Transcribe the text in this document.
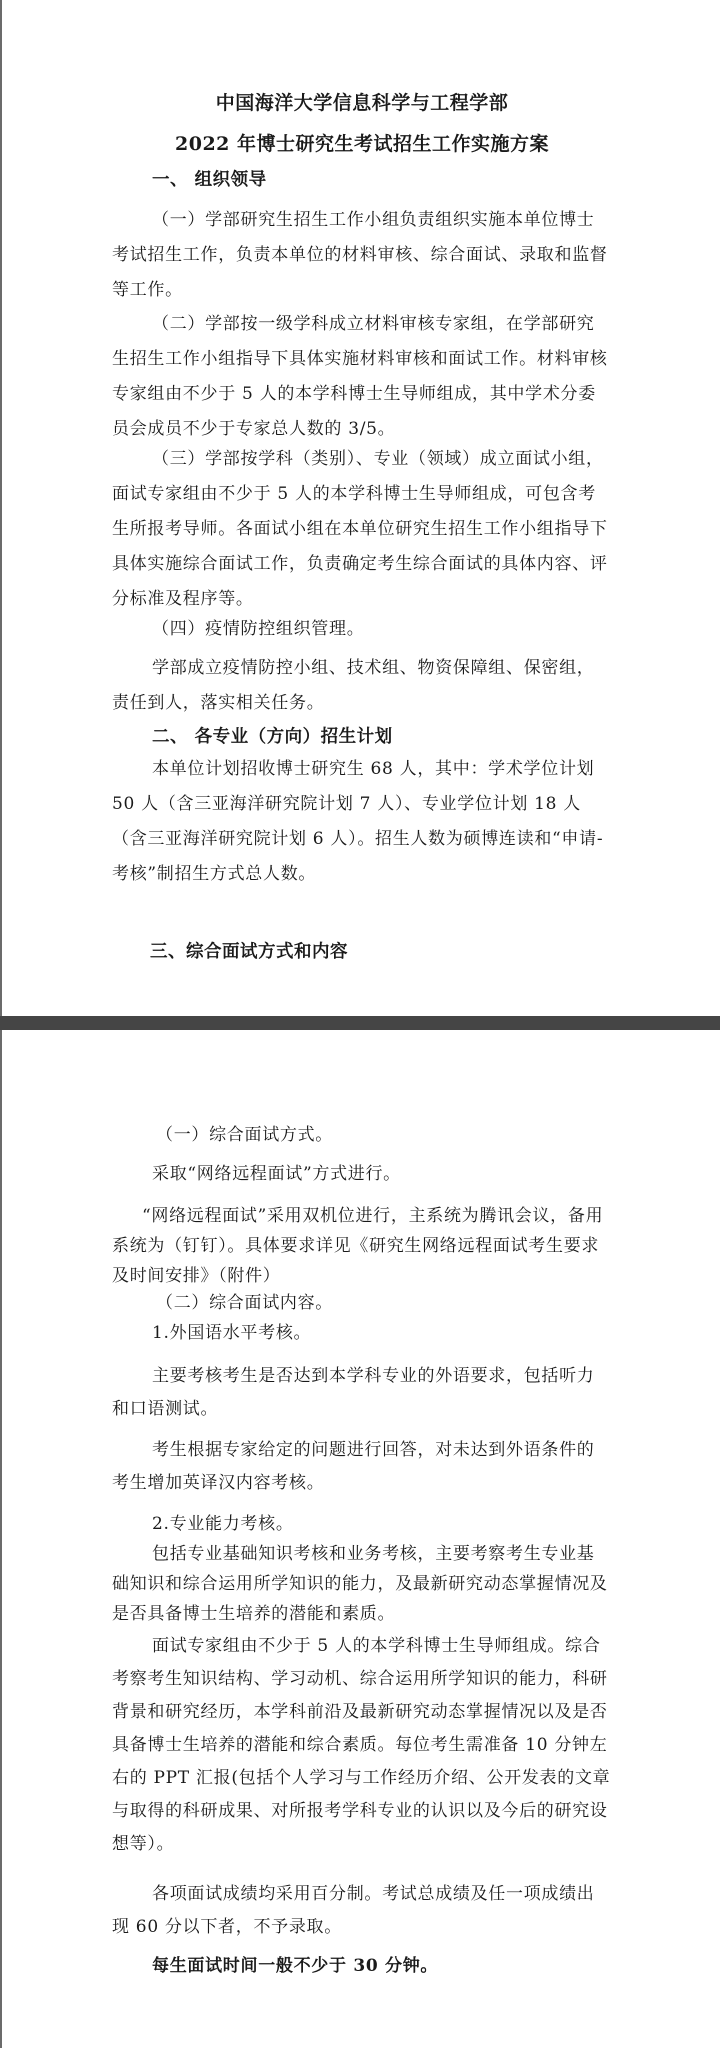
中国海洋大学信息科学与工程学部
2022 年博士研究生考试招生工作实施方案
一、 组织领导

（一）学部研究生招生工作小组负责组织实施本单位博士考试招生工作，负责本单位的材料审核、综合面试、录取和监督等工作。

（二）学部按一级学科成立材料审核专家组，在学部研究生招生工作小组指导下具体实施材料审核和面试工作。材料审核专家组由不少于 5 人的本学科博士生导师组成，其中学术分委员会成员不少于专家总人数的 3/5。

（三）学部按学科（类别）、专业（领域）成立面试小组，面试专家组由不少于 5 人的本学科博士生导师组成，可包含考生所报考导师。各面试小组在本单位研究生招生工作小组指导下具体实施综合面试工作，负责确定考生综合面试的具体内容、评分标准及程序等。

（四）疫情防控组织管理。

学部成立疫情防控小组、技术组、物资保障组、保密组，责任到人，落实相关任务。

二、 各专业（方向）招生计划

本单位计划招收博士研究生 68 人，其中：学术学位计划 50 人（含三亚海洋研究院计划 7 人）、专业学位计划 18 人（含三亚海洋研究院计划 6 人）。招生人数为硕博连读和“申请-考核”制招生方式总人数。

三、综合面试方式和内容

（一）综合面试方式。

采取“网络远程面试”方式进行。

“网络远程面试”采用双机位进行，主系统为腾讯会议，备用系统为（钉钉）。具体要求详见《研究生网络远程面试考生要求及时间安排》（附件）

（二）综合面试内容。

1.外国语水平考核。

主要考核考生是否达到本学科专业的外语要求，包括听力和口语测试。

考生根据专家给定的问题进行回答，对未达到外语条件的考生增加英译汉内容考核。

2.专业能力考核。

包括专业基础知识考核和业务考核，主要考察考生专业基础知识和综合运用所学知识的能力，及最新研究动态掌握情况及是否具备博士生培养的潜能和素质。

面试专家组由不少于 5 人的本学科博士生导师组成。综合考察考生知识结构、学习动机、综合运用所学知识的能力，科研背景和研究经历，本学科前沿及最新研究动态掌握情况以及是否具备博士生培养的潜能和综合素质。每位考生需准备 10 分钟左右的 PPT 汇报(包括个人学习与工作经历介绍、公开发表的文章与取得的科研成果、对所报考学科专业的认识以及今后的研究设想等）。

各项面试成绩均采用百分制。考试总成绩及任一项成绩出现 60 分以下者，不予录取。

每生面试时间一般不少于 30 分钟。
